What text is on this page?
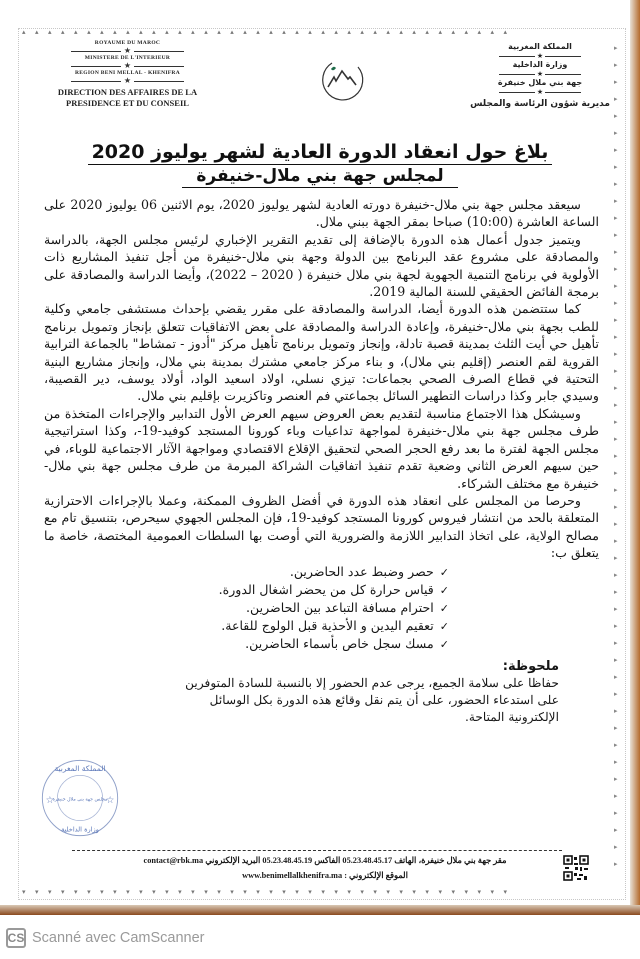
▴▴▴▴▴▴▴▴▴▴▴▴▴▴▴▴▴▴▴▴▴▴▴▴▴▴▴▴▴▴▴▴▴▴▴▴▴▴
▾▾▾▾▾▾▾▾▾▾▾▾▾▾▾▾▾▾▾▾▾▾▾▾▾▾▾▾▾▾▾▾▾▾▾▾▾▾
▸
▸
▸
▸
▸
▸
▸
▸
▸
▸
▸
▸
▸
▸
▸
▸
▸
▸
▸
▸
▸
▸
▸
▸
▸
▸
▸
▸
▸
▸
▸
▸
▸
▸
▸
▸
▸
▸
▸
▸
▸
▸
▸
▸
▸
▸
▸
▸
▸
ROYAUME DU MAROC
★
MINISTERE DE L'INTERIEUR
★
REGION BENI MELLAL - KHENIFRA
★
DIRECTION DES AFFAIRES DE LA PRESIDENCE ET DU CONSEIL
المملكة المغربية
★
وزارة الداخلية
★
جهة بني ملال خنيفرة
★
مديرية شؤون الرئاسة والمجلس
بلاغ حول انعقاد الدورة العادية لشهر يوليوز 2020
لمجلس جهة بني ملال-خنيفرة

سيعقد مجلس جهة بني ملال-خنيفرة دورته العادية لشهر يوليوز 2020، يوم الاثنين 06 يوليوز 2020 على الساعة العاشرة (10:00) صباحا بمقر الجهة ببني ملال.

ويتميز جدول أعمال هذه الدورة بالإضافة إلى تقديم التقرير الإخباري لرئيس مجلس الجهة، بالدراسة والمصادقة على مشروع عقد البرنامج بين الدولة وجهة بني ملال-خنيفرة من أجل تنفيذ المشاريع ذات الأولوية في برنامج التنمية الجهوية لجهة بني ملال خنيفرة ( 2020 – 2022)، وأيضا الدراسة والمصادقة على برمجة الفائض الحقيقي للسنة المالية 2019.

كما ستتضمن هذه الدورة أيضا، الدراسة والمصادقة على مقرر يقضي بإحداث مستشفى جامعي وكلية للطب بجهة بني ملال-خنيفرة، وإعادة الدراسة والمصادقة على بعض الاتفاقيات تتعلق بإنجاز وتمويل برنامج تأهيل حي أيت الثلث بمدينة قصبة تادلة، وإنجاز وتمويل برنامج تأهيل مركز "أدوز - تمشاط" بالجماعة الترابية القروية لقم العنصر (إقليم بني ملال)، و بناء مركز جامعي مشترك بمدينة بني ملال، وإنجاز مشاريع البنية التحتية في قطاع الصرف الصحي بجماعات: تيزي نسلي، اولاد اسعيد الواد، أولاد يوسف، دير القصيبة، وسيدي جابر وكذا دراسات التطهير السائل بجماعتي فم العنصر وتاكزيرت بإقليم بني ملال.

وسيشكل هذا الاجتماع مناسبة لتقديم بعض العروض سيهم العرض الأول التدابير والإجراءات المتخذة من طرف مجلس جهة بني ملال-خنيفرة لمواجهة تداعيات وباء كورونا المستجد كوفيد-19-، وكذا استراتيجية مجلس الجهة لفترة ما بعد رفع الحجر الصحي لتحقيق الإقلاع الاقتصادي ومواجهة الآثار الاجتماعية للوباء، في حين سيهم العرض الثاني وضعية تقدم تنفيذ اتفاقيات الشراكة المبرمة من طرف مجلس جهة بني ملال-خنيفرة مع مختلف الشركاء.

وحرصا من المجلس على انعقاد هذه الدورة في أفضل الظروف الممكنة، وعملا بالإجراءات الاحترازية المتعلقة بالحد من انتشار فيروس كورونا المستجد كوفيد-19، فإن المجلس الجهوي سيحرص، بتنسيق تام مع مصالح الولاية، على اتخاذ التدابير اللازمة والضرورية التي أوصت بها السلطات العمومية المختصة، خاصة ما يتعلق ب:

✓حصر وضبط عدد الحاضرين.
✓قياس حرارة كل من يحضر اشغال الدورة.
✓احترام مسافة التباعد بين الحاضرين.
✓تعقيم اليدين و الأحذية قبل الولوج للقاعة.
✓مسك سجل خاص بأسماء الحاضرين.
ملحوظة:
حفاظا على سلامة الجميع، يرجى عدم الحضور إلا بالنسبة للسادة المتوفرين على استدعاء الحضور، على أن يتم نقل وقائع هذه الدورة بكل الوسائل الإلكترونية المتاحة.
المملكة المغربية
مجلس جهة بني ملال خنيفرة
وزارة الداخلية
☆	☆
مقر جهة بني ملال خنيفرة، الهاتف 05.23.48.45.17 الفاكس 05.23.48.45.19 البريد الإلكتروني contact@rbk.ma
الموقع الإلكتروني : www.benimellalkhenifra.ma
CS Scanné avec CamScanner
